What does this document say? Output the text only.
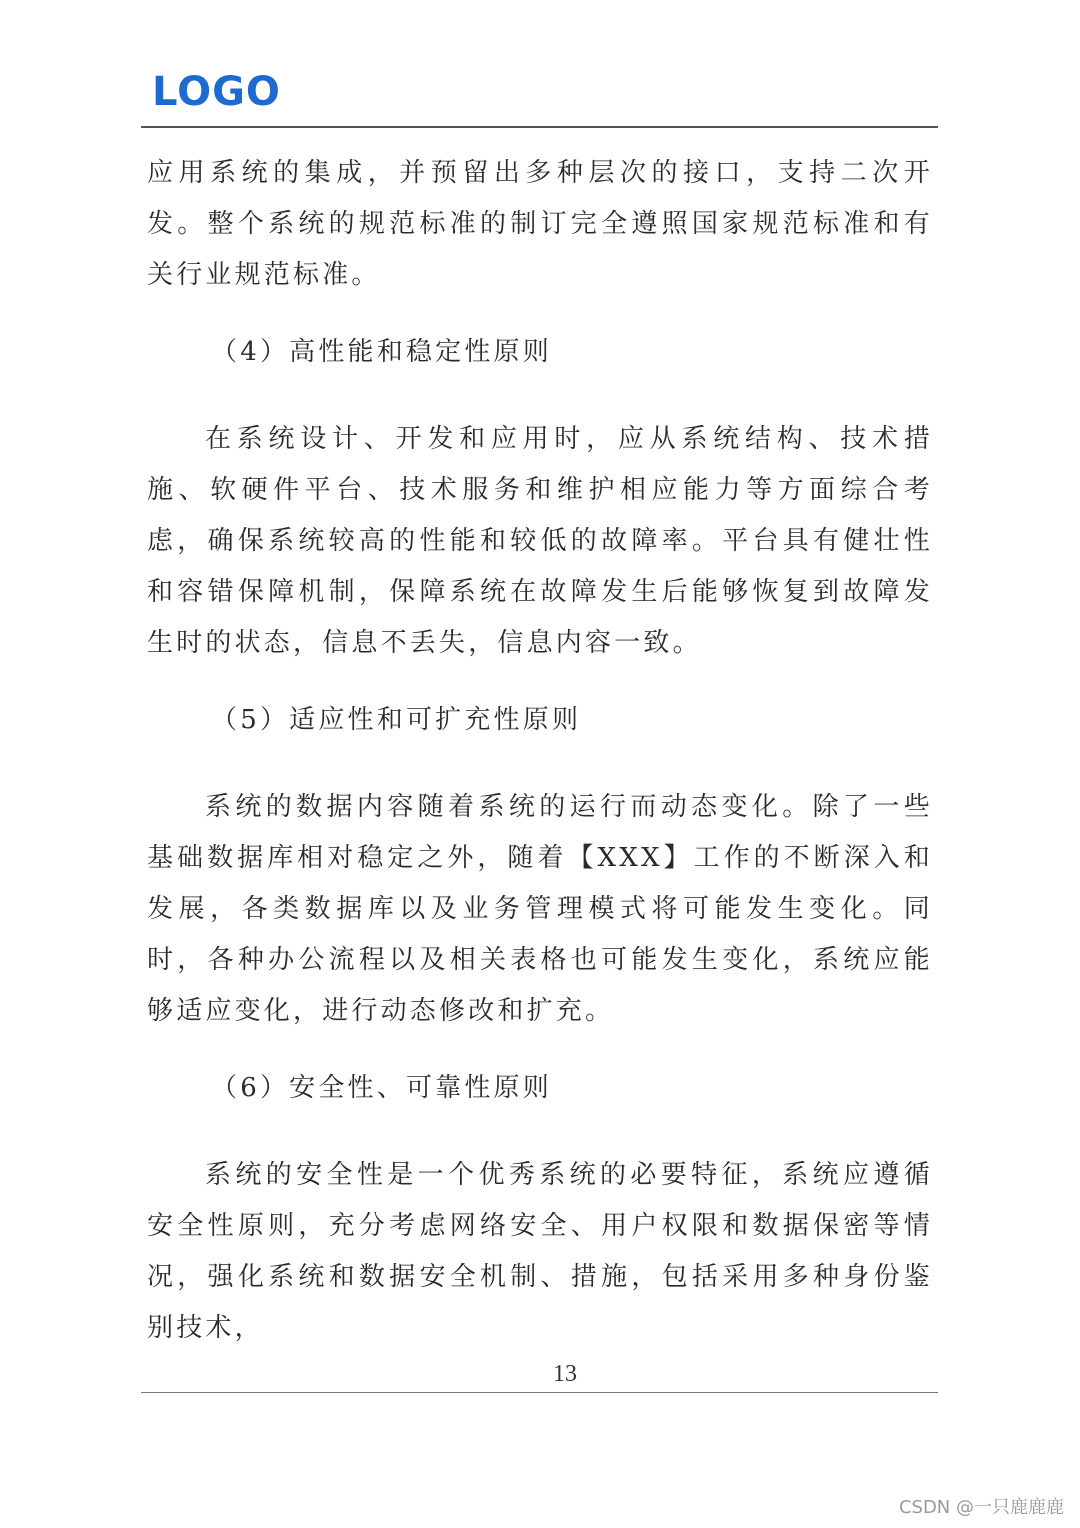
LOGO

应用系统的集成，并预留出多种层次的接口，支持二次开发。整个系统的规范标准的制订完全遵照国家规范标准和有关行业规范标准。

（4）高性能和稳定性原则

在系统设计、开发和应用时，应从系统结构、技术措施、软硬件平台、技术服务和维护相应能力等方面综合考虑，确保系统较高的性能和较低的故障率。平台具有健壮性和容错保障机制，保障系统在故障发生后能够恢复到故障发生时的状态，信息不丢失，信息内容一致。

（5）适应性和可扩充性原则

系统的数据内容随着系统的运行而动态变化。除了一些基础数据库相对稳定之外，随着【XXX】工作的不断深入和发展，各类数据库以及业务管理模式将可能发生变化。同时，各种办公流程以及相关表格也可能发生变化，系统应能够适应变化，进行动态修改和扩充。

（6）安全性、可靠性原则

系统的安全性是一个优秀系统的必要特征，系统应遵循安全性原则，充分考虑网络安全、用户权限和数据保密等情况，强化系统和数据安全机制、措施，包括采用多种身份鉴别技术，

13
CSDN @一只鹿鹿鹿
